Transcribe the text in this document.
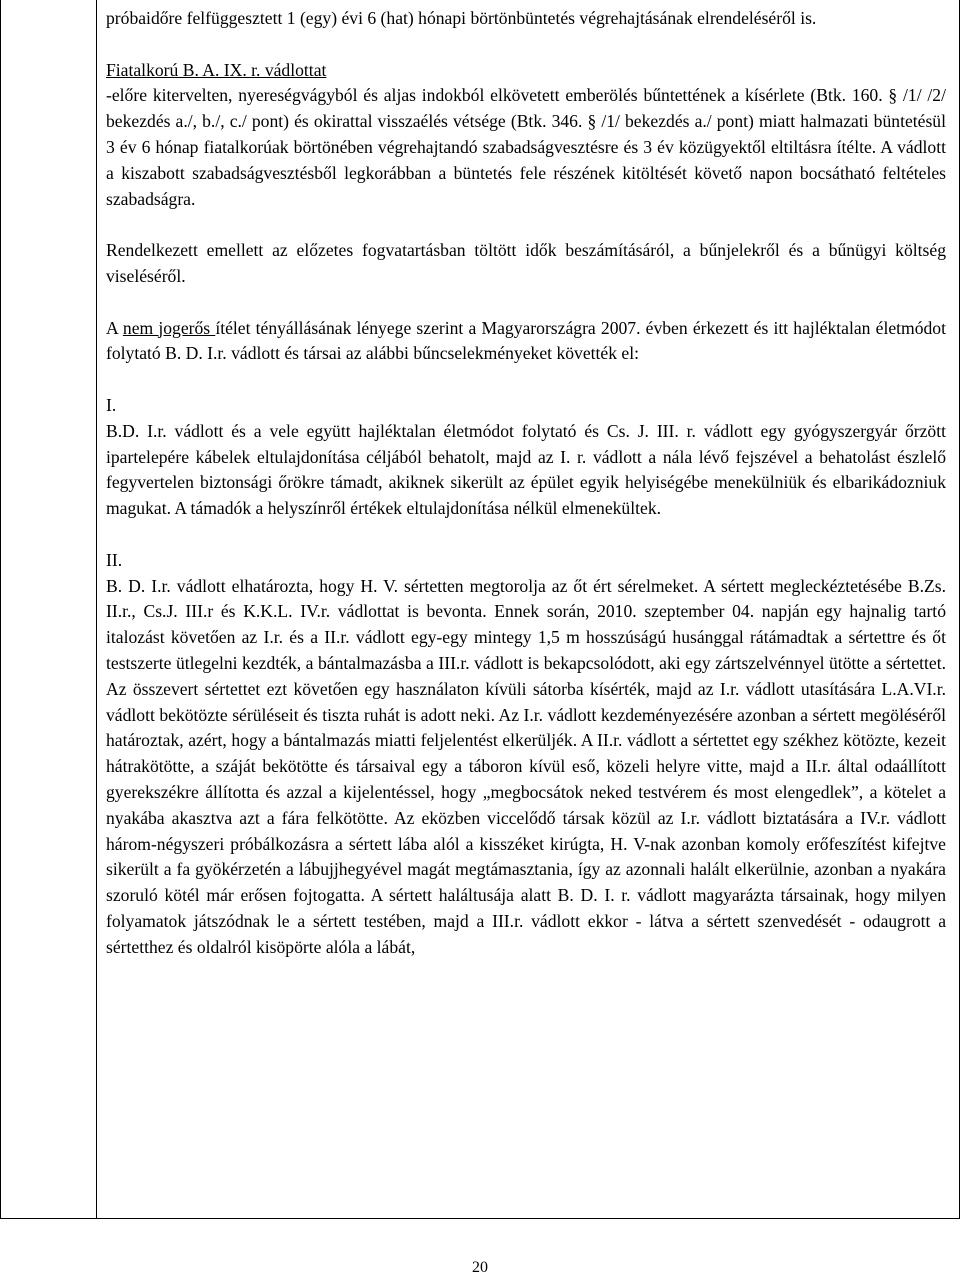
próbaidőre felfüggesztett 1 (egy) évi 6 (hat) hónapi börtönbüntetés végrehajtásának elrendeléséről is.

Fiatalkorú B. A. IX. r. vádlottat

-előre kitervelten, nyereségvágyból és aljas indokból elkövetett emberölés bűntettének a kísérlete (Btk. 160. § /1/ /2/ bekezdés a./, b./, c./ pont) és okirattal visszaélés vétsége (Btk. 346. § /1/ bekezdés a./ pont) miatt halmazati büntetésül 3 év 6 hónap fiatalkorúak börtönében végrehajtandó szabadságvesztésre és 3 év közügyektől eltiltásra ítélte. A vádlott a kiszabott szabadságvesztésből legkorábban a büntetés fele részének kitöltését követő napon bocsátható feltételes szabadságra.

Rendelkezett emellett az előzetes fogvatartásban töltött idők beszámításáról, a bűnjelekről és a bűnügyi költség viseléséről.

A nem jogerős ítélet tényállásának lényege szerint a Magyarországra 2007. évben érkezett és itt hajléktalan életmódot folytató B. D. I.r. vádlott és társai az alábbi bűncselekményeket követték el:

I.

B.D. I.r. vádlott és a vele együtt hajléktalan életmódot folytató és Cs. J. III. r. vádlott egy gyógyszergyár őrzött ipartelepére kábelek eltulajdonítása céljából behatolt, majd az I. r. vádlott a nála lévő fejszével a behatolást észlelő fegyvertelen biztonsági őrökre támadt, akiknek sikerült az épület egyik helyiségébe menekülniük és elbarikádozniuk magukat. A támadók a helyszínről értékek eltulajdonítása nélkül elmenekültek.

II.

B. D. I.r. vádlott elhatározta, hogy H. V. sértetten megtorolja az őt ért sérelmeket. A sértett megleckéztetésébe B.Zs. II.r., Cs.J. III.r és K.K.L. IV.r. vádlottat is bevonta. Ennek során, 2010. szeptember 04. napján egy hajnalig tartó italozást követően az I.r. és a II.r. vádlott egy-egy mintegy 1,5 m hosszúságú husánggal rátámadtak a sértettre és őt testszerte ütlegelni kezdték, a bántalmazásba a III.r. vádlott is bekapcsolódott, aki egy zártszelvénnyel ütötte a sértettet. Az összevert sértettet ezt követően egy használaton kívüli sátorba kísérték, majd az I.r. vádlott utasítására L.A.VI.r. vádlott bekötözte sérüléseit és tiszta ruhát is adott neki. Az I.r. vádlott kezdeményezésére azonban a sértett megöléséről határoztak, azért, hogy a bántalmazás miatti feljelentést elkerüljék. A II.r. vádlott a sértettet egy székhez kötözte, kezeit hátrakötötte, a száját bekötötte és társaival egy a táboron kívül eső, közeli helyre vitte, majd a II.r. által odaállított gyerekszékre állította és azzal a kijelentéssel, hogy „megbocsátok neked testvérem és most elengedlek”, a kötelet a nyakába akasztva azt a fára felkötötte. Az eközben viccelődő társak közül az I.r. vádlott biztatására a IV.r. vádlott három-négyszeri próbálkozásra a sértett lába alól a kisszéket kirúgta, H. V-nak azonban komoly erőfeszítést kifejtve sikerült a fa gyökérzetén a lábujjhegyével magát megtámasztania, így az azonnali halált elkerülnie, azonban a nyakára szoruló kötél már erősen fojtogatta. A sértett haláltusája alatt B. D. I. r. vádlott magyarázta társainak, hogy milyen folyamatok játszódnak le a sértett testében, majd a III.r. vádlott ekkor - látva a sértett szenvedését - odaugrott a sértetthez és oldalról kisöpörte alóla a lábát,

20
